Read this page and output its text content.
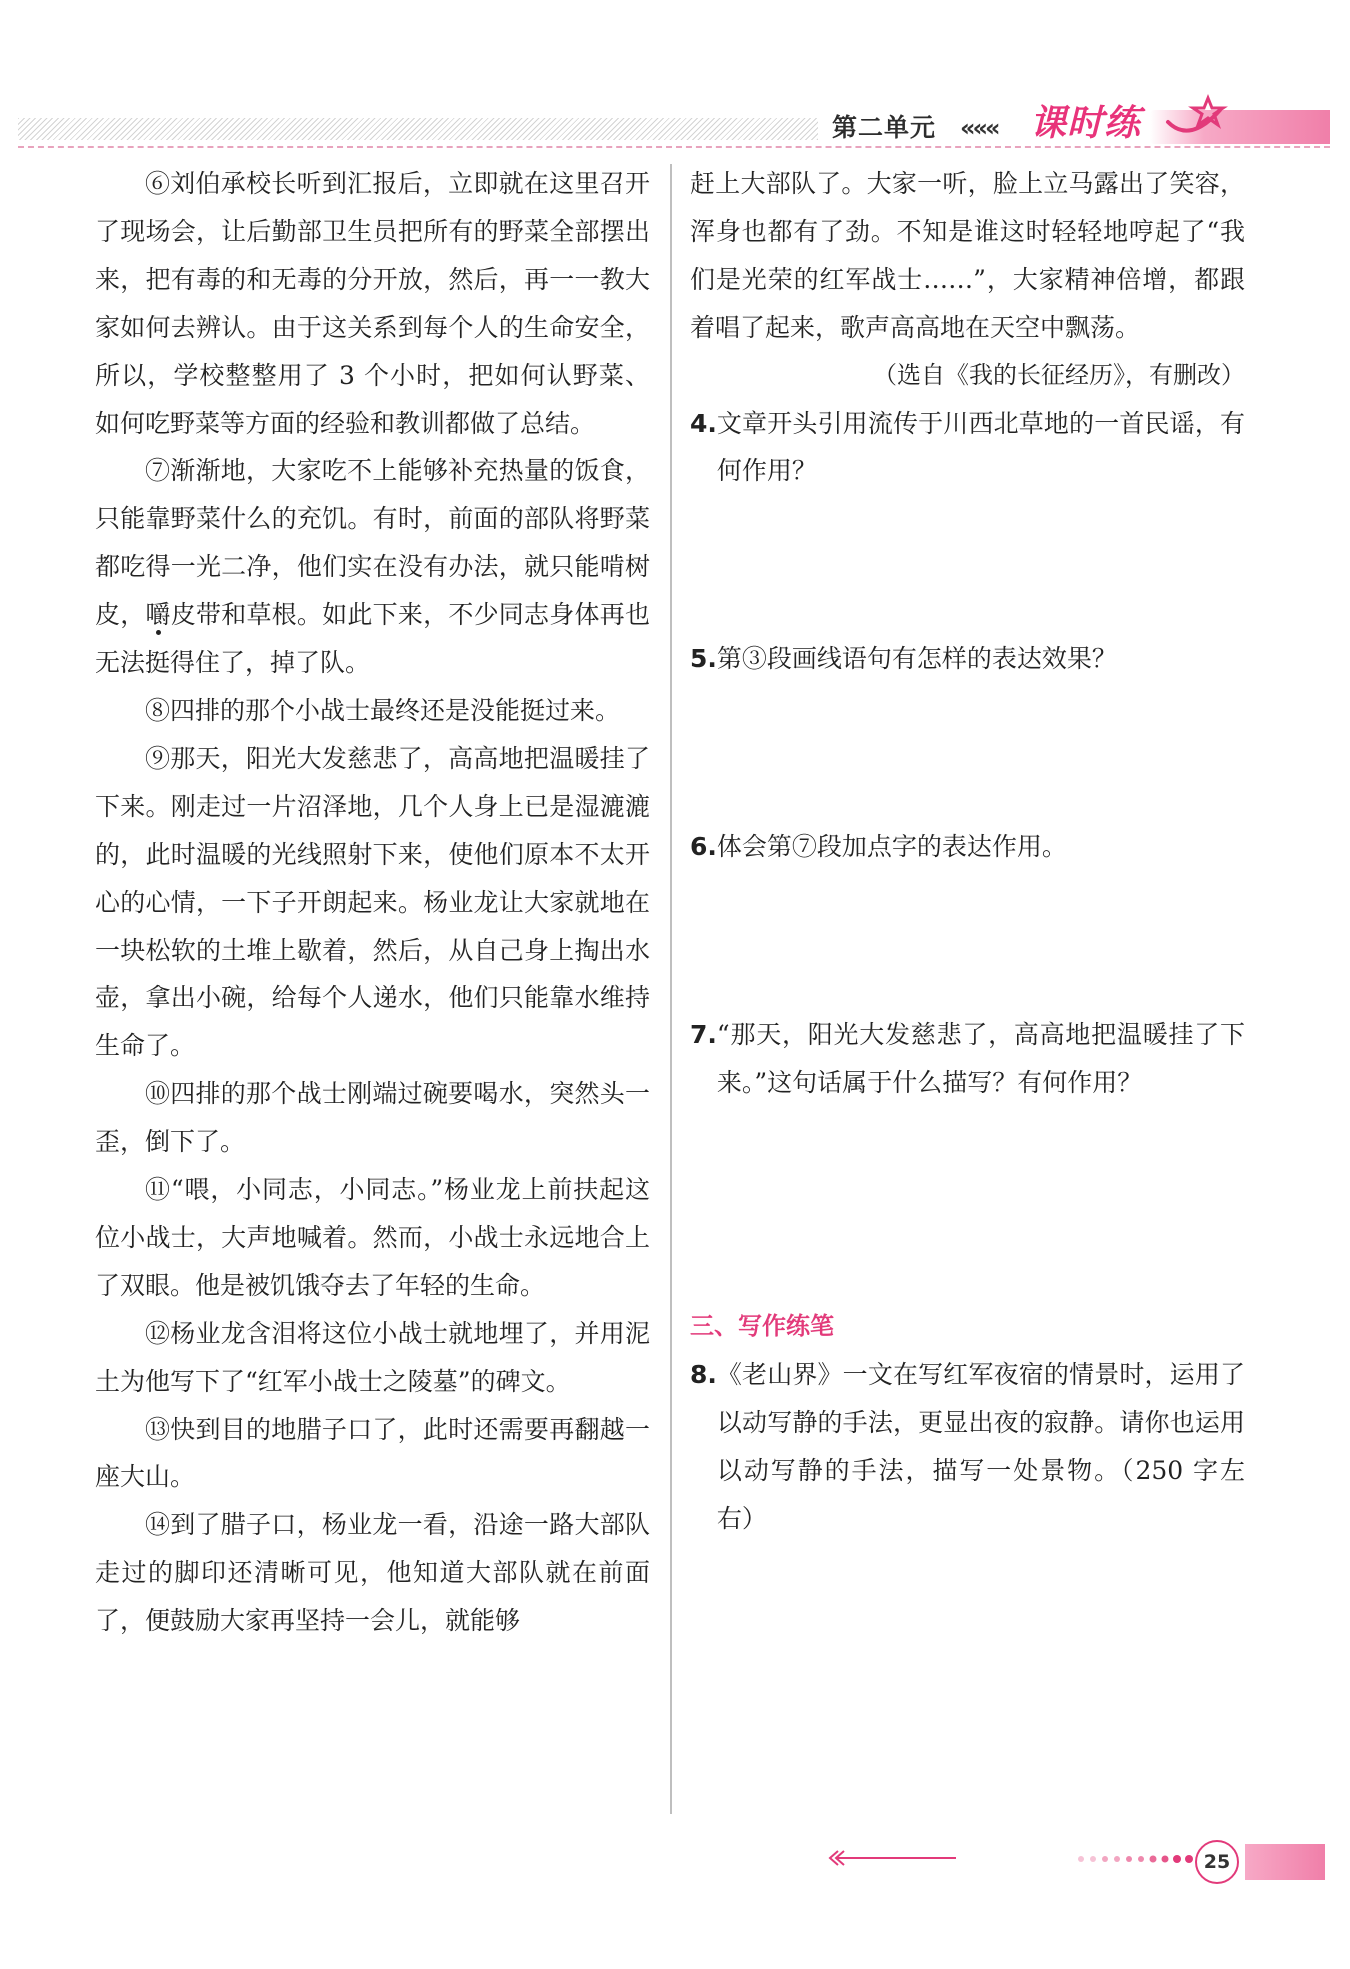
第二单元 ««« 课时练

⑥刘伯承校长听到汇报后，立即就在这里召开了现场会，让后勤部卫生员把所有的野菜全部摆出来，把有毒的和无毒的分开放，然后，再一一教大家如何去辨认。由于这关系到每个人的生命安全，所以，学校整整用了 3 个小时，把如何认野菜、如何吃野菜等方面的经验和教训都做了总结。

⑦渐渐地，大家吃不上能够补充热量的饭食，只能靠野菜什么的充饥。有时，前面的部队将野菜都吃得一光二净，他们实在没有办法，就只能啃树皮，嚼皮带和草根。如此下来，不少同志身体再也无法挺得住了，掉了队。

⑧四排的那个小战士最终还是没能挺过来。

⑨那天，阳光大发慈悲了，高高地把温暖挂了下来。刚走过一片沼泽地，几个人身上已是湿漉漉的，此时温暖的光线照射下来，使他们原本不太开心的心情，一下子开朗起来。杨业龙让大家就地在一块松软的土堆上歇着，然后，从自己身上掏出水壶，拿出小碗，给每个人递水，他们只能靠水维持生命了。

⑩四排的那个战士刚端过碗要喝水，突然头一歪，倒下了。

⑪“喂，小同志，小同志。”杨业龙上前扶起这位小战士，大声地喊着。然而，小战士永远地合上了双眼。他是被饥饿夺去了年轻的生命。

⑫杨业龙含泪将这位小战士就地埋了，并用泥土为他写下了“红军小战士之陵墓”的碑文。

⑬快到目的地腊子口了，此时还需要再翻越一座大山。

⑭到了腊子口，杨业龙一看，沿途一路大部队走过的脚印还清晰可见，他知道大部队就在前面了，便鼓励大家再坚持一会儿，就能够

赶上大部队了。大家一听，脸上立马露出了笑容，浑身也都有了劲。不知是谁这时轻轻地哼起了“我们是光荣的红军战士……”，大家精神倍增，都跟着唱了起来，歌声高高地在天空中飘荡。

（选自《我的长征经历》，有删改）

4. 文章开头引用流传于川西北草地的一首民谣，有何作用？
5. 第③段画线语句有怎样的表达效果？
6. 体会第⑦段加点字的表达作用。
7. “那天，阳光大发慈悲了，高高地把温暖挂了下来。”这句话属于什么描写？有何作用？

三、写作练笔

8. 《老山界》一文在写红军夜宿的情景时，运用了以动写静的手法，更显出夜的寂静。请你也运用以动写静的手法，描写一处景物。（250 字左右）
25
